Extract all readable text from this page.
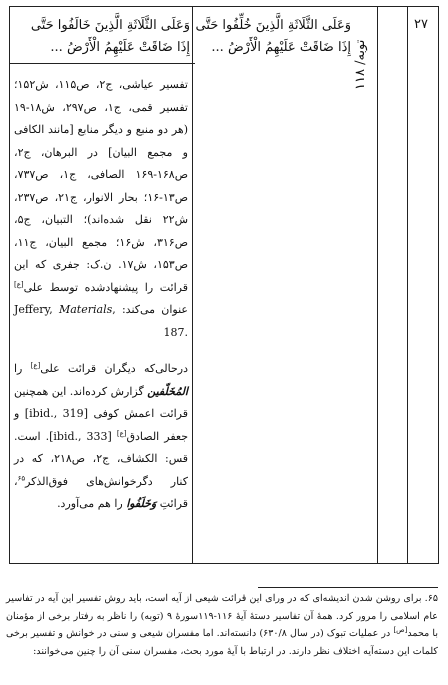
۲۷
وَعَلَى الثَّلَاثَةِ الَّذِينَ خُلِّفُوا حَتَّى إِذَا ضَاقَتْ عَلَيْهِمُ الْأَرْضُ ...
وَعَلَى الثَّلَاثَةِ الَّذِينَ خَالَفُوا حَتَّى إِذَا ضَاقَتْ عَلَيْهِمُ الْأَرْضُ ...

تفسیر عیاشی، ج۲، ص۱۱۵، ش۱۵۲؛ تفسیر قمی، ج۱، ص۲۹۷، ش۱۸-۱۹ (هر دو منبع و دیگر منابع [مانند الکافی و مجمع البیان] در البرهان، ج۲، ص۱۶۸-۱۶۹ الصافی، ج۱، ص۷۳۷، ص۱۳-۱۶؛ بحار الانوار، ج۲۱، ص۲۳۷، ش۲۲ نقل شده‌اند)؛ التبیان، ج۵، ص۳۱۶، ش۱۶؛ مجمع البیان، ج۱۱، ص۱۵۳، ش۱۷. ن.ک: جفری که این قرائت را پیشنهادشده توسط علی[ع] عنوان می‌کند: Jeffery, Materials, 187.

درحالی‌که دیگران قرائت علی[ع] را المُخَلّفین گزارش کرده‌اند. این همچنین قرائت اعمش کوفی [ibid., 319] و جعفر الصادق[ع] [ibid., 333]. است. قس: الکشاف، ج۲، ص۲۱۸، که در کنار دگرخوانش‌های فوق‌الذکر$^{۶۵}$، قرائتِ وَخَلَفُوا را هم می‌آورد.

توبه/ ۱۱۸
۶۵. برای روشن شدن اندیشه‌ای که در ورای این قرائت شیعی از آیه است، باید روش تفسیر این آیه در تفاسیر عام اسلامی را مرور کرد. همهٔ آن تفاسیر دستهٔ آیهٔ ۱۱۶-۱۱۹سورهٔ ۹ (توبه) را ناظر به رفتار برخی از مؤمنان با محمد[ص] در عملیات تبوک (در سال ۶۳۰/۸) دانسته‌اند. اما مفسران شیعی و سنی در خوانش و تفسیر برخی کلمات این دسته‌آیه اختلاف نظر دارند. در ارتباط با آیهٔ مورد بحث، مفسران سنی آن را چنین می‌خوانند:
